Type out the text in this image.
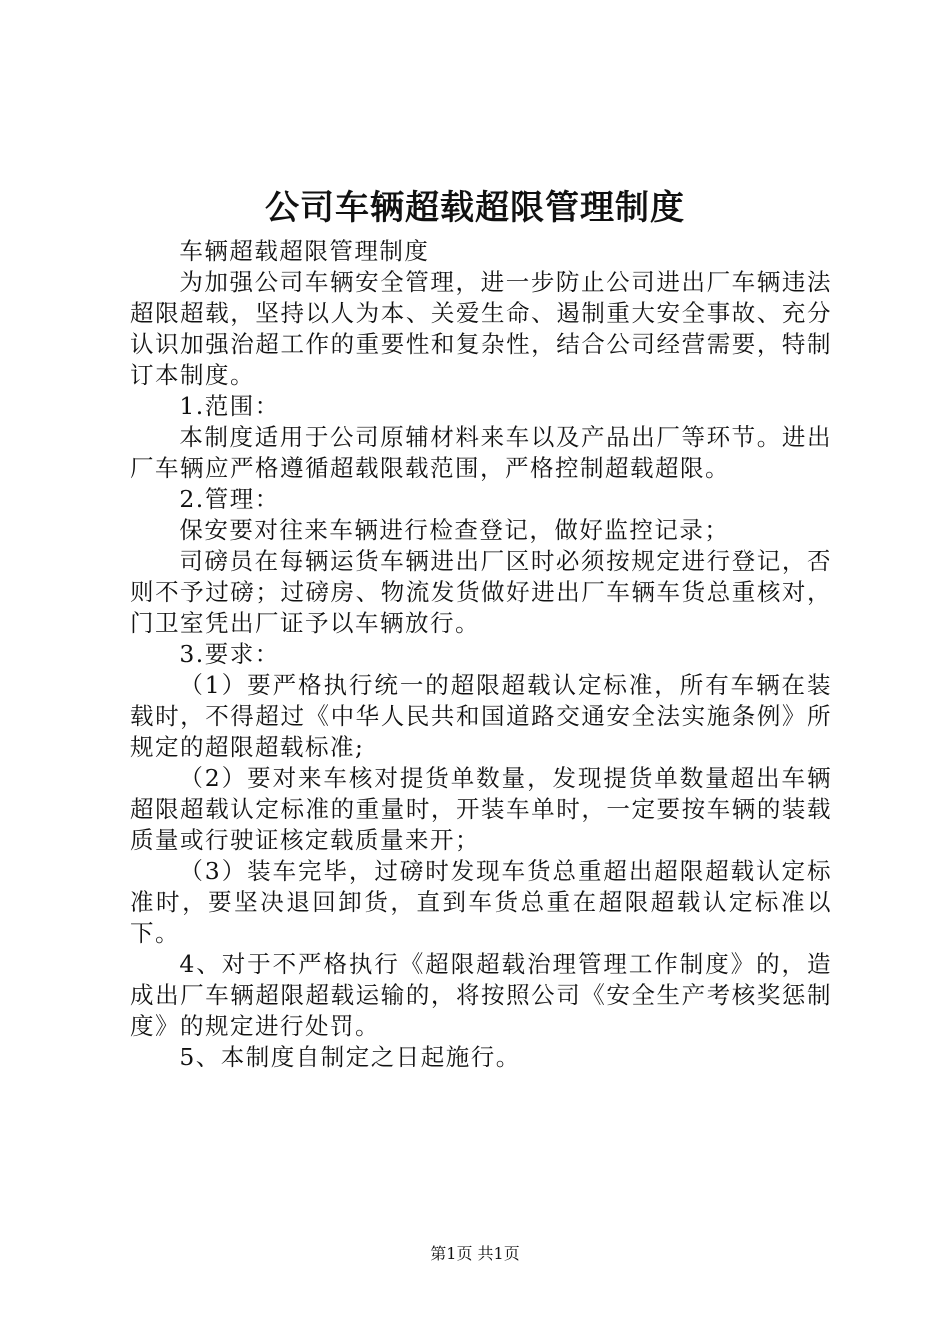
公司车辆超载超限管理制度

车辆超载超限管理制度

为加强公司车辆安全管理，进一步防止公司进出厂车辆违法超限超载，坚持以人为本、关爱生命、遏制重大安全事故、充分认识加强治超工作的重要性和复杂性，结合公司经营需要，特制订本制度。

1.范围：

本制度适用于公司原辅材料来车以及产品出厂等环节。进出厂车辆应严格遵循超载限载范围，严格控制超载超限。

2.管理：

保安要对往来车辆进行检查登记，做好监控记录；

司磅员在每辆运货车辆进出厂区时必须按规定进行登记，否则不予过磅；过磅房、物流发货做好进出厂车辆车货总重核对，门卫室凭出厂证予以车辆放行。

3.要求：

（1）要严格执行统一的超限超载认定标准，所有车辆在装载时，不得超过《中华人民共和国道路交通安全法实施条例》所规定的超限超载标准;

（2）要对来车核对提货单数量，发现提货单数量超出车辆超限超载认定标准的重量时，开装车单时，一定要按车辆的装载质量或行驶证核定载质量来开；

（3）装车完毕，过磅时发现车货总重超出超限超载认定标准时，要坚决退回卸货，直到车货总重在超限超载认定标准以下。

4、对于不严格执行《超限超载治理管理工作制度》的，造成出厂车辆超限超载运输的，将按照公司《安全生产考核奖惩制度》的规定进行处罚。

5、本制度自制定之日起施行。

第1页 共1页
